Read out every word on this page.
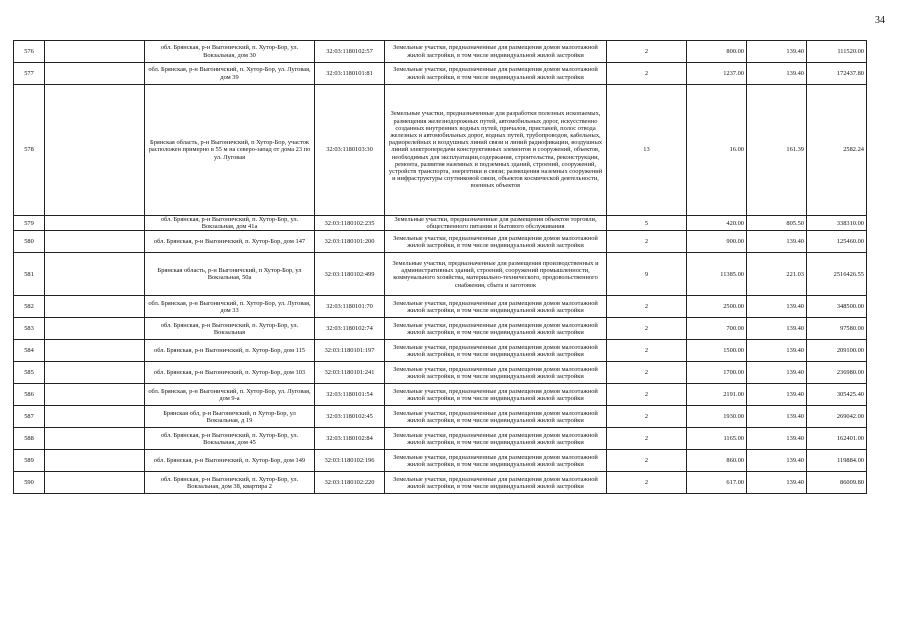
34
576		обл. Брянская, р-н Выгоничский, п. Хутор-Бор, ул. Вокзальная, дом 30	32:03:1180102:57	Земельные участки, предназначенные для размещения домов малоэтажной жилой застройки, в том числе индивидуальной жилой застройки	2	800.00	139.40	111520.00
577		обл. Брянская, р-н Выгоничский, п. Хутор-Бор, ул. Луговая, дом 39	32:03:1180101:81	Земельные участки, предназначенные для размещения домов малоэтажной жилой застройки, в том числе индивидуальной жилой застройки	2	1237.00	139.40	172437.80
578		Брянская область, р-н Выгоничский, п Хутор-Бор, участок расположен примерно в 55 м на северо-запад от дома 23 по ул. Луговая	32:03:1180103:30	Земельные участки, предназначенные для разработки полезных ископаемых, размещения железнодорожных путей, автомобильных дорог, искусственно созданных внутренних водных путей, причалов, пристаней, полос отвода железных и автомобильных дорог, водных путей, трубопроводов, кабельных, радиорелейных и воздушных линий связи и линий радиофикации, воздушных линий электропередачи конструктивных элементов и сооружений, объектов, необходимых для эксплуатации,содержания, строительства, реконструкции, ремонта, развития наземных и подземных зданий, строений, сооружений, устройств транспорта, энергетики и связи; размещения наземных сооружений и инфраструктуры спутниковой связи, объектов космической деятельности, военных объектов	13	16.00	161.39	2582.24
579		обл. Брянская, р-н Выгоничский, п. Хутор-Бор, ул. Вокзальная, дом 41а	32:03:1180102:235	Земельные участки, предназначенные для размещения объектов торговли, общественного питания и бытового обслуживания	5	420.00	805.50	338310.00
580		обл. Брянская, р-н Выгоничский, п. Хутор-Бор, дом 147	32:03:1180101:200	Земельные участки, предназначенные для размещения домов малоэтажной жилой застройки, в том числе индивидуальной жилой застройки	2	900.00	139.40	125460.00
581		Брянская область, р-н Выгоничский, п Хутор-Бор, ул Вокзальная, 50а	32:03:1180102:499	Земельные участки, предназначенные для размещения производственных и административных зданий, строений, сооружений промышленности, коммунального хозяйства, материально-технического, продовольственного снабжения, сбыта и заготовок	9	11385.00	221.03	2516426.55
582		обл. Брянская, р-н Выгоничский, п. Хутор-Бор, ул. Луговая, дом 33	32:03:1180101:70	Земельные участки, предназначенные для размещения домов малоэтажной жилой застройки, в том числе индивидуальной жилой застройки	2	2500.00	139.40	348500.00
583		обл. Брянская, р-н Выгоничский, п. Хутор-Бор, ул. Вокзальная	32:03:1180102:74	Земельные участки, предназначенные для размещения домов малоэтажной жилой застройки, в том числе индивидуальной жилой застройки	2	700.00	139.40	97580.00
584		обл. Брянская, р-н Выгоничский, п. Хутор-Бор, дом 115	32:03:1180101:197	Земельные участки, предназначенные для размещения домов малоэтажной жилой застройки, в том числе индивидуальной жилой застройки	2	1500.00	139.40	209100.00
585		обл. Брянская, р-н Выгоничский, п. Хутор-Бор, дом 103	32:03:1180101:241	Земельные участки, предназначенные для размещения домов малоэтажной жилой застройки, в том числе индивидуальной жилой застройки	2	1700.00	139.40	236980.00
586		обл. Брянская, р-н Выгоничский, п. Хутор-Бор, ул. Луговая, дом 9-а	32:03:1180101:54	Земельные участки, предназначенные для размещения домов малоэтажной жилой застройки, в том числе индивидуальной жилой застройки	2	2191.00	139.40	305425.40
587		Брянская обл, р-н Выгоничский, п Хутор-Бор, ул Вокзальная, д 19	32:03:1180102:45	Земельные участки, предназначенные для размещения домов малоэтажной жилой застройки, в том числе индивидуальной жилой застройки	2	1930.00	139.40	269042.00
588		обл. Брянская, р-н Выгоничский, п. Хутор-Бор, ул. Вокзальная, дом 45	32:03:1180102:84	Земельные участки, предназначенные для размещения домов малоэтажной жилой застройки, в том числе индивидуальной жилой застройки	2	1165.00	139.40	162401.00
589		обл. Брянская, р-н Выгоничский, п. Хутор-Бор, дом 149	32:03:1180102:196	Земельные участки, предназначенные для размещения домов малоэтажной жилой застройки, в том числе индивидуальной жилой застройки	2	860.00	139.40	119884.00
590		обл. Брянская, р-н Выгоничский, п. Хутор-Бор, ул. Вокзальная, дом 38, квартира 2	32:03:1180102:220	Земельные участки, предназначенные для размещения домов малоэтажной жилой застройки, в том числе индивидуальной жилой застройки	2	617.00	139.40	86009.80
